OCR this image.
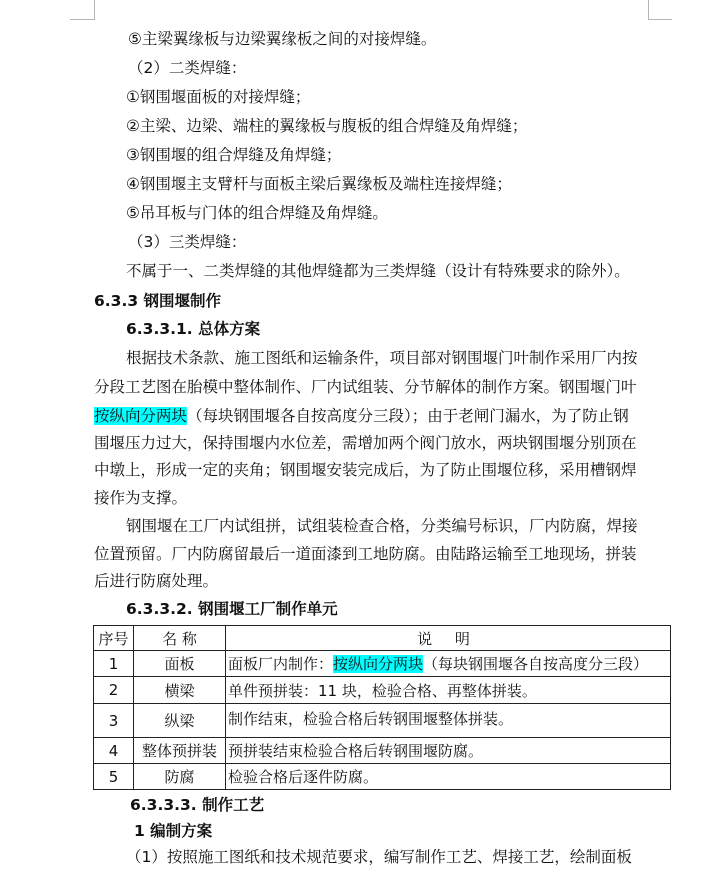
⑤主梁翼缘板与边梁翼缘板之间的对接焊缝。
（2）二类焊缝：
①钢围堰面板的对接焊缝；
②主梁、边梁、端柱的翼缘板与腹板的组合焊缝及角焊缝；
③钢围堰的组合焊缝及角焊缝；
④钢围堰主支臂杆与面板主梁后翼缘板及端柱连接焊缝；
⑤吊耳板与门体的组合焊缝及角焊缝。
（3）三类焊缝：
不属于一、二类焊缝的其他焊缝都为三类焊缝（设计有特殊要求的除外）。
6.3.3 钢围堰制作
6.3.3.1. 总体方案
根据技术条款、施工图纸和运输条件，项目部对钢围堰门叶制作采用厂内按
分段工艺图在胎模中整体制作、厂内试组装、分节解体的制作方案。钢围堰门叶
按纵向分两块（每块钢围堰各自按高度分三段）；由于老闸门漏水，为了防止钢
围堰压力过大，保持围堰内水位差，需增加两个阀门放水，两块钢围堰分别顶在
中墩上，形成一定的夹角；钢围堰安装完成后，为了防止围堰位移，采用槽钢焊
接作为支撑。
钢围堰在工厂内试组拼，试组装检查合格，分类编号标识，厂内防腐，焊接
位置预留。厂内防腐留最后一道面漆到工地防腐。由陆路运输至工地现场，拼装
后进行防腐处理。
6.3.3.2. 钢围堰工厂制作单元
序号	名 称	说 明
1	面板	面板厂内制作：按纵向分两块（每块钢围堰各自按高度分三段）
2	横梁	单件预拼装：11 块，检验合格、再整体拼装。
3	纵梁	制作结束，检验合格后转钢围堰整体拼装。
4	整体预拼装	预拼装结束检验合格后转钢围堰防腐。
5	防腐	检验合格后逐件防腐。
6.3.3.3. 制作工艺
1 编制方案
（1）按照施工图纸和技术规范要求，编写制作工艺、焊接工艺，绘制面板
